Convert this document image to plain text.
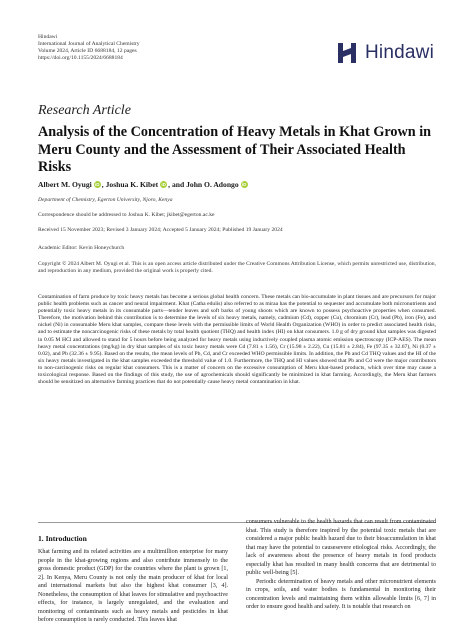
Hindawi
International Journal of Analytical Chemistry
Volume 2024, Article ID 6688184, 12 pages
https://doi.org/10.1155/2024/6688184	Hindawi
Research Article
Analysis of the Concentration of Heavy Metals in Khat Grown in Meru County and the Assessment of Their Associated Health Risks
Albert M. Oyugi iD , Joshua K. Kibet iD , and John O. Adongo iD
Department of Chemistry, Egerton University, Njoro, Kenya
Correspondence should be addressed to Joshua K. Kibet; jkibet@egerton.ac.ke
Received 15 November 2023; Revised 3 January 2024; Accepted 5 January 2024; Published 19 January 2024
Academic Editor: Kevin Honeychurch
Copyright © 2024 Albert M. Oyugi et al. This is an open access article distributed under the Creative Commons Attribution License, which permits unrestricted use, distribution, and reproduction in any medium, provided the original work is properly cited.
Contamination of farm produce by toxic heavy metals has become a serious global health concern. These metals can bio-accumulate in plant tissues and are precursors for major public health problems such as cancer and neural impairment. Khat (Catha edulis) also referred to as miraa has the potential to sequester and accumulate both micronutrients and potentially toxic heavy metals in its consumable parts—tender leaves and soft barks of young shoots which are known to possess psychoactive properties when consumed. Therefore, the motivation behind this contribution is to determine the levels of six heavy metals, namely, cadmium (Cd), copper (Cu), chromium (Cr), lead (Pb), iron (Fe), and nickel (Ni) in consumable Meru khat samples, compare these levels with the permissible limits of World Health Organization (WHO) in order to predict associated health risks, and to estimate the noncarcinogenic risks of these metals by total health quotient (THQ) and health index (HI) on khat consumers. 1.0 g of dry ground khat samples was digested in 0.05 M HCl and allowed to stand for 5 hours before being analyzed for heavy metals using inductively coupled plasma atomic emission spectroscopy (ICP-AES). The mean heavy metal concentrations (mg/kg) in dry khat samples of six toxic heavy metals were Cd (7.81 ± 1.56), Cr (15.98 ± 2.22), Cu (15.81 ± 2.84), Fe (97.35 ± 32.67), Ni (0.37 ± 0.02), and Pb (32.36 ± 9.95). Based on the results, the mean levels of Pb, Cd, and Cr exceeded WHO permissible limits. In addition, the Pb and Cd THQ values and the HI of the six heavy metals investigated in the khat samples exceeded the threshold value of 1.0. Furthermore, the THQ and HI values showed that Pb and Cd were the major contributors to non-carcinogenic risks on regular khat consumers. This is a matter of concern on the excessive consumption of Meru khat-based products, which over time may cause a toxicological response. Based on the findings of this study, the use of agrochemicals should significantly be minimized in khat farming. Accordingly, the Meru khat farmers should be sensitized on alternative farming practices that do not potentially cause heavy metal contamination in khat.
1. Introduction

Khat farming and its related activities are a multimillion enterprise for many people in the khat-growing regions and also contribute immensely to the gross domestic product (GDP) for the countries where the plant is grown [1, 2]. In Kenya, Meru County is not only the main producer of khat for local and international markets but also the highest khat consumer [3, 4]. Nonetheless, the consumption of khat leaves for stimulative and psychoactive effects, for instance, is largely unregulated, and the evaluation and monitoring of contaminants such as heavy metals and pesticides in khat before consumption is rarely conducted. This leaves khat

consumers vulnerable to the health hazards that can result from contaminated khat. This study is therefore inspired by the potential toxic metals that are considered a major public health hazard due to their bioaccumulation in khat that may have the potential to causesevere etiological risks. Accordingly, the lack of awareness about the presence of heavy metals in food products especially khat has resulted in many health concerns that are detrimental to public well-being [5].

Periodic determination of heavy metals and other micronutrient elements in crops, soils, and water bodies is fundamental in monitoring their concentration levels and maintaining them within allowable limits [6, 7] in order to ensure good health and safety. It is notable that research on
